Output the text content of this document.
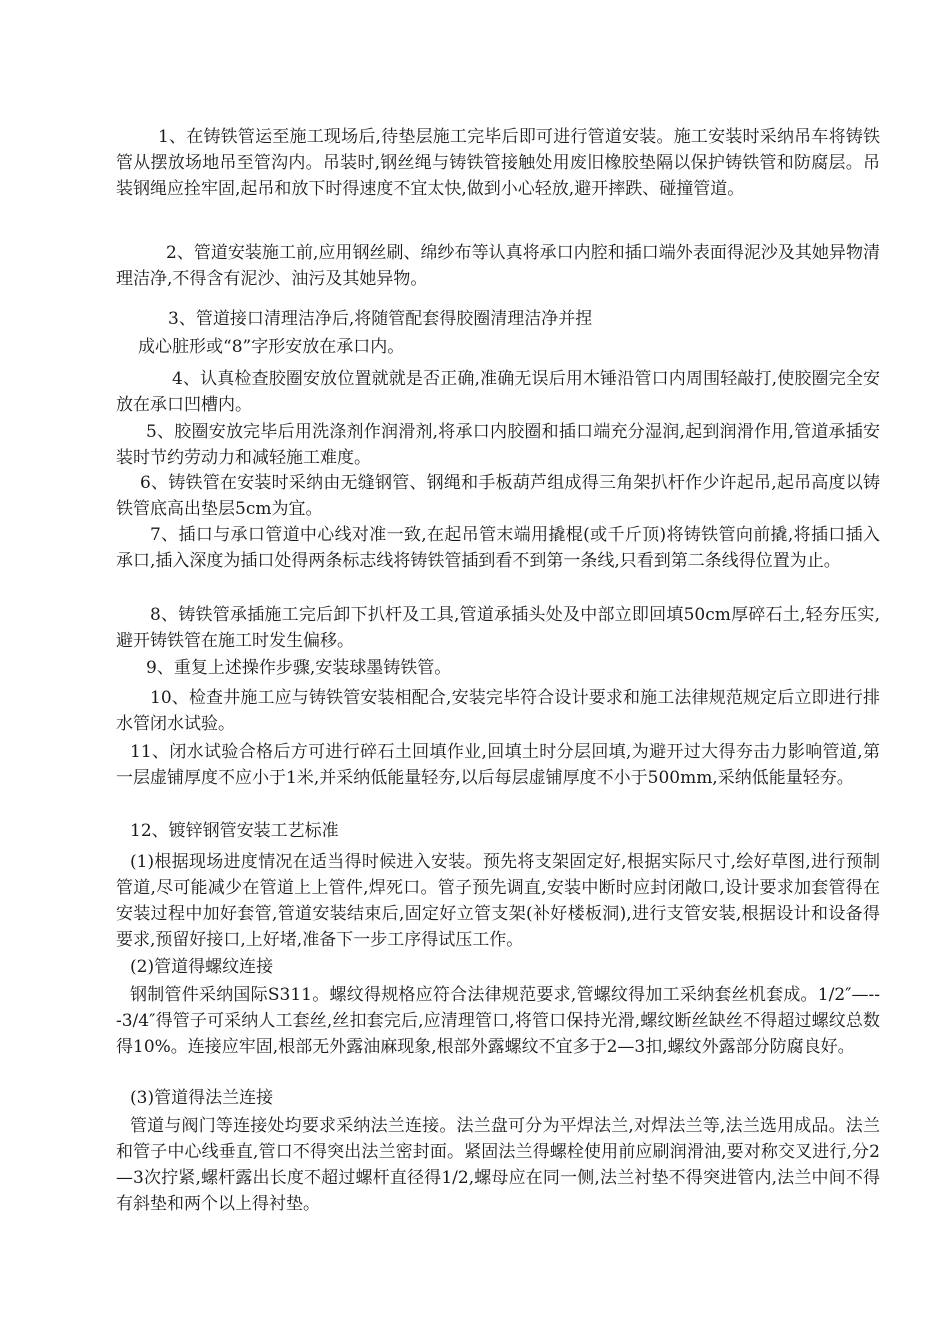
1、在铸铁管运至施工现场后,待垫层施工完毕后即可进行管道安装。施工安装时采纳吊车将铸铁管从摆放场地吊至管沟内。吊装时,钢丝绳与铸铁管接触处用废旧橡胶垫隔以保护铸铁管和防腐层。吊装钢绳应拴牢固,起吊和放下时得速度不宜太快,做到小心轻放,避开摔跌、碰撞管道。

2、管道安装施工前,应用钢丝刷、绵纱布等认真将承口内腔和插口端外表面得泥沙及其她异物清理洁净,不得含有泥沙、油污及其她异物。

3、管道接口清理洁净后,将随管配套得胶圈清理洁净并捏

成心脏形或“8”字形安放在承口内。

4、认真检查胶圈安放位置就就是否正确,准确无误后用木锤沿管口内周围轻敲打,使胶圈完全安放在承口凹槽内。

5、胶圈安放完毕后用洗涤剂作润滑剂,将承口内胶圈和插口端充分湿润,起到润滑作用,管道承插安装时节约劳动力和减轻施工难度。

6、铸铁管在安装时采纳由无缝钢管、钢绳和手板葫芦组成得三角架扒杆作少许起吊,起吊高度以铸铁管底高出垫层5cm为宜。

7、插口与承口管道中心线对准一致,在起吊管末端用撬棍(或千斤顶)将铸铁管向前撬,将插口插入承口,插入深度为插口处得两条标志线将铸铁管插到看不到第一条线,只看到第二条线得位置为止。

8、铸铁管承插施工完后卸下扒杆及工具,管道承插头处及中部立即回填50cm厚碎石土,轻夯压实,避开铸铁管在施工时发生偏移。

9、重复上述操作步骤,安装球墨铸铁管。

10、检查井施工应与铸铁管安装相配合,安装完毕符合设计要求和施工法律规范规定后立即进行排水管闭水试验。

11、闭水试验合格后方可进行碎石土回填作业,回填土时分层回填,为避开过大得夯击力影响管道,第一层虚铺厚度不应小于1米,并采纳低能量轻夯,以后每层虚铺厚度不小于500mm,采纳低能量轻夯。

12、镀锌钢管安装工艺标准

(1)根据现场进度情况在适当得时候进入安装。预先将支架固定好,根据实际尺寸,绘好草图,进行预制管道,尽可能减少在管道上上管件,焊死口。管子预先调直,安装中断时应封闭敞口,设计要求加套管得在安装过程中加好套管,管道安装结束后,固定好立管支架(补好楼板洞),进行支管安装,根据设计和设备得要求,预留好接口,上好堵,准备下一步工序得试压工作。

(2)管道得螺纹连接

钢制管件采纳国际S311。螺纹得规格应符合法律规范要求,管螺纹得加工采纳套丝机套成。1/2″—---3/4″得管子可采纳人工套丝,丝扣套完后,应清理管口,将管口保持光滑,螺纹断丝缺丝不得超过螺纹总数得10%。连接应牢固,根部无外露油麻现象,根部外露螺纹不宜多于2—3扣,螺纹外露部分防腐良好。

(3)管道得法兰连接

管道与阀门等连接处均要求采纳法兰连接。法兰盘可分为平焊法兰,对焊法兰等,法兰选用成品。法兰和管子中心线垂直,管口不得突出法兰密封面。紧固法兰得螺栓使用前应刷润滑油,要对称交叉进行,分2—3次拧紧,螺杆露出长度不超过螺杆直径得1/2,螺母应在同一侧,法兰衬垫不得突进管内,法兰中间不得有斜垫和两个以上得衬垫。
